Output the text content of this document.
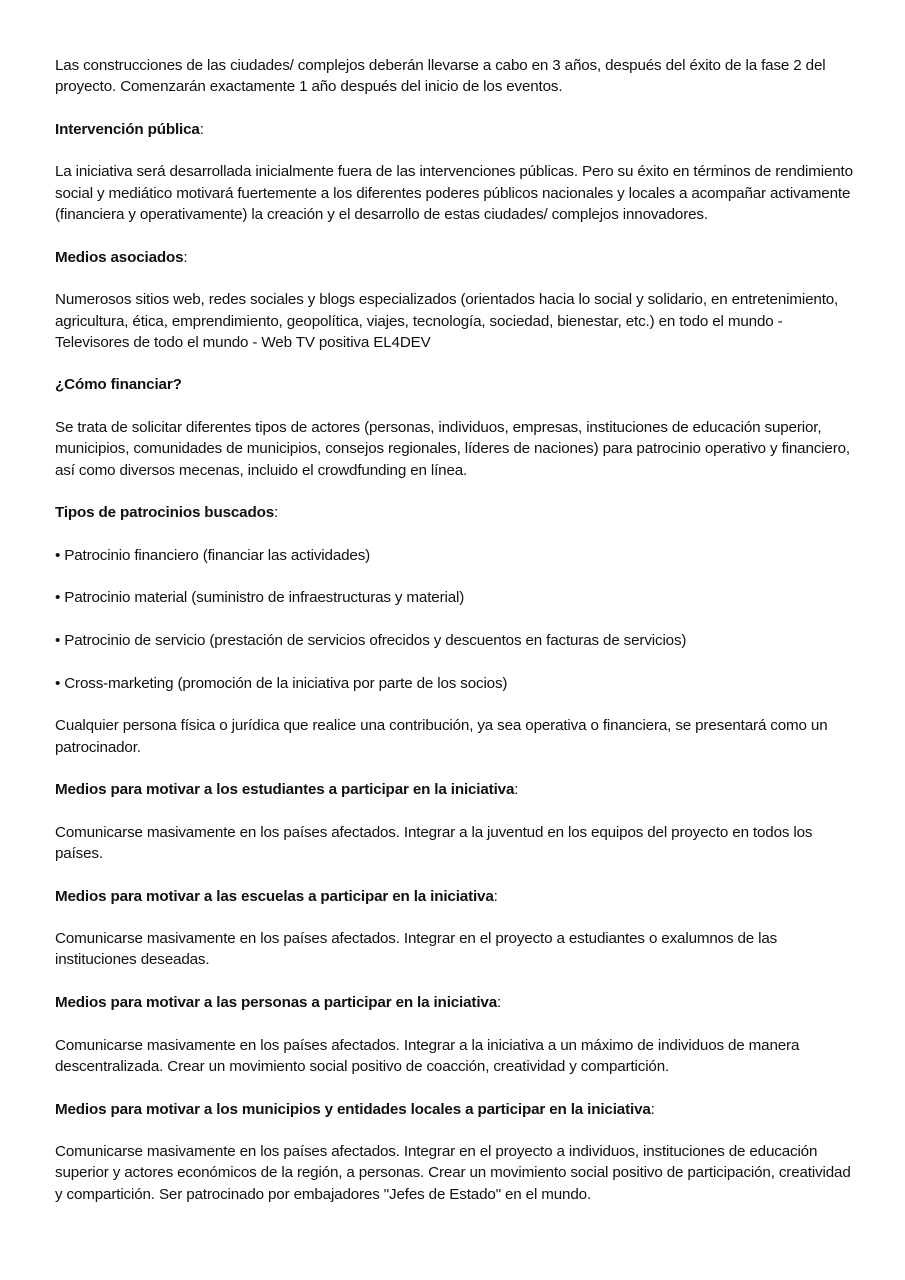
Las construcciones de las ciudades/ complejos deberán llevarse a cabo en 3 años, después del éxito de la fase 2 del proyecto. Comenzarán exactamente 1 año después del inicio de los eventos.

Intervención pública:

La iniciativa será desarrollada inicialmente fuera de las intervenciones públicas. Pero su éxito en términos de rendimiento social y mediático motivará fuertemente a los diferentes poderes públicos nacionales y locales a acompañar activamente (financiera y operativamente) la creación y el desarrollo de estas ciudades/ complejos innovadores.

Medios asociados:

Numerosos sitios web, redes sociales y blogs especializados (orientados hacia lo social y solidario, en entretenimiento, agricultura, ética, emprendimiento, geopolítica, viajes, tecnología, sociedad, bienestar, etc.) en todo el mundo - Televisores de todo el mundo - Web TV positiva EL4DEV

¿Cómo financiar?

Se trata de solicitar diferentes tipos de actores (personas, individuos, empresas, instituciones de educación superior, municipios, comunidades de municipios, consejos regionales, líderes de naciones) para patrocinio operativo y financiero, así como diversos mecenas, incluido el crowdfunding en línea.

Tipos de patrocinios buscados:

• Patrocinio financiero (financiar las actividades)

• Patrocinio material (suministro de infraestructuras y material)

• Patrocinio de servicio (prestación de servicios ofrecidos y descuentos en facturas de servicios)

• Cross-marketing (promoción de la iniciativa por parte de los socios)

Cualquier persona física o jurídica que realice una contribución, ya sea operativa o financiera, se presentará como un patrocinador.

Medios para motivar a los estudiantes a participar en la iniciativa:

Comunicarse masivamente en los países afectados. Integrar a la juventud en los equipos del proyecto en todos los países.

Medios para motivar a las escuelas a participar en la iniciativa:

Comunicarse masivamente en los países afectados. Integrar en el proyecto a estudiantes o exalumnos de las instituciones deseadas.

Medios para motivar a las personas a participar en la iniciativa:

Comunicarse masivamente en los países afectados. Integrar a la iniciativa a un máximo de individuos de manera descentralizada. Crear un movimiento social positivo de coacción, creatividad y compartición.

Medios para motivar a los municipios y entidades locales a participar en la iniciativa:

Comunicarse masivamente en los países afectados. Integrar en el proyecto a individuos, instituciones de educación superior y actores económicos de la región, a personas. Crear un movimiento social positivo de participación, creatividad y compartición. Ser patrocinado por embajadores "Jefes de Estado" en el mundo.
